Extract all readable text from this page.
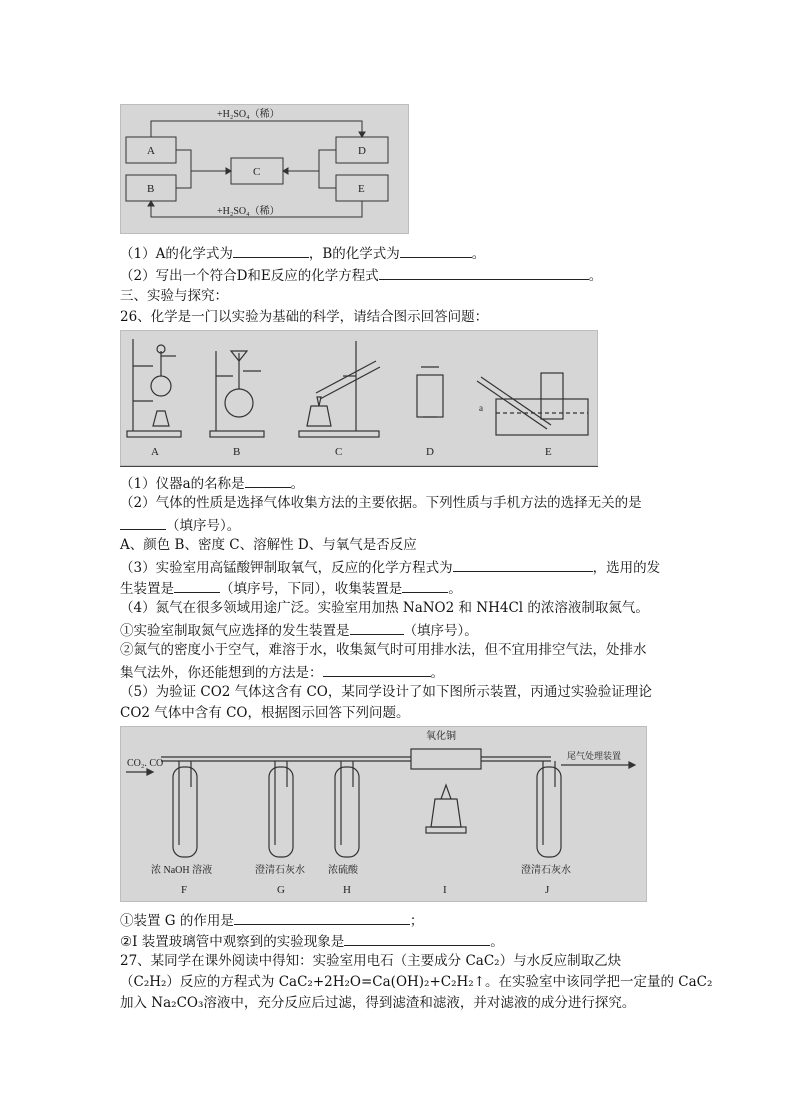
A
B
C
D
E
+H₂SO₄（稀）
+H₂SO₄（稀）
（1）A的化学式为	，B的化学式为	。
（2）写出一个符合D和E反应的化学方程式	。
三、实验与探究：
26、化学是一门以实验为基础的科学，请结合图示回答问题：
A	B	C	D	E
a
（1）仪器a的名称是	。
（2）气体的性质是选择气体收集方法的主要依据。下列性质与手机方法的选择无关的是
（填序号）。
A、颜色 B、密度 C、溶解性 D、与氧气是否反应
（3）实验室用高锰酸钾制取氧气，反应的化学方程式为	，选用的发
生装置是	（填序号，下同），收集装置是	。
（4）氮气在很多领域用途广泛。实验室用加热 NaNO2 和 NH4Cl 的浓溶液制取氮气。
①实验室制取氮气应选择的发生装置是	（填序号）。
②氮气的密度小于空气，难溶于水，收集氮气时可用排水法，但不宜用排空气法，处排水
集气法外，你还能想到的方法是：	。
（5）为验证 CO2 气体这含有 CO，某同学设计了如下图所示装置，丙通过实验验证理论
CO2 气体中含有 CO，根据图示回答下列问题。
CO₂. CO
氧化铜
尾气处理装置
浓 NaOH 溶液	澄清石灰水 浓硫酸	澄清石灰水
F	G	H	I	J
①装置 G 的作用是	；
②I 装置玻璃管中观察到的实验现象是	。
27、某同学在课外阅读中得知：实验室用电石（主要成分 CaC₂）与水反应制取乙炔
（C₂H₂）反应的方程式为 CaC₂+2H₂O=Ca(OH)₂+C₂H₂↑。在实验室中该同学把一定量的 CaC₂
加入 Na₂CO₃溶液中，充分反应后过滤，得到滤渣和滤液，并对滤液的成分进行探究。
